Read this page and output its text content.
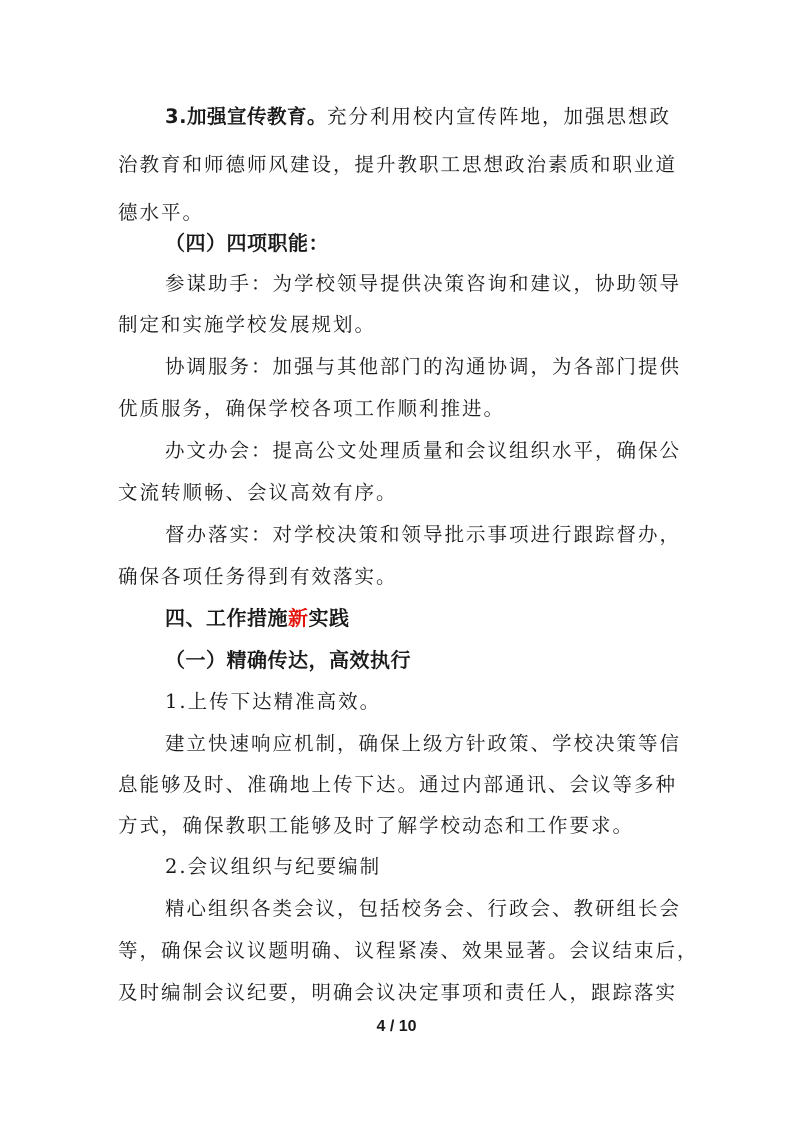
3.加强宣传教育。充分利用校内宣传阵地，加强思想政
治教育和师德师风建设，提升教职工思想政治素质和职业道
德水平。
（四）四项职能：
参谋助手：为学校领导提供决策咨询和建议，协助领导
制定和实施学校发展规划。
协调服务：加强与其他部门的沟通协调，为各部门提供
优质服务，确保学校各项工作顺利推进。
办文办会：提高公文处理质量和会议组织水平，确保公
文流转顺畅、会议高效有序。
督办落实：对学校决策和领导批示事项进行跟踪督办，
确保各项任务得到有效落实。
四、工作措施新实践
（一）精确传达，高效执行
1.上传下达精准高效。
建立快速响应机制，确保上级方针政策、学校决策等信
息能够及时、准确地上传下达。通过内部通讯、会议等多种
方式，确保教职工能够及时了解学校动态和工作要求。
2.会议组织与纪要编制
精心组织各类会议，包括校务会、行政会、教研组长会
等，确保会议议题明确、议程紧凑、效果显著。会议结束后，
及时编制会议纪要，明确会议决定事项和责任人，跟踪落实
4 / 10
